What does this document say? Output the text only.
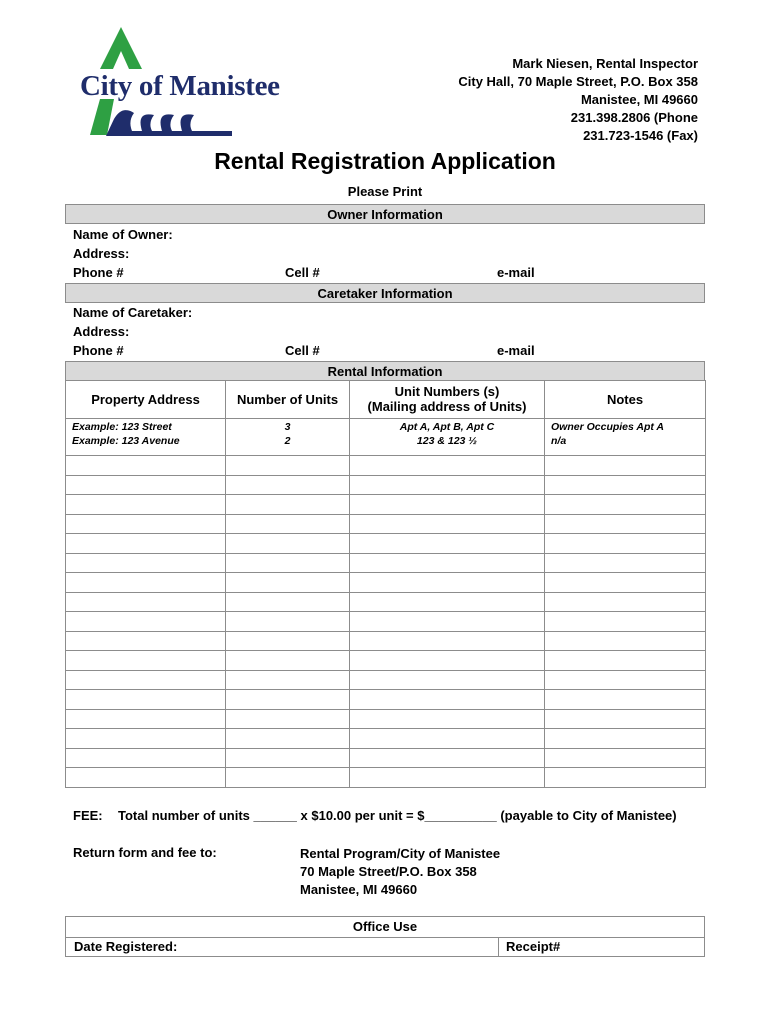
City of Manistee
Mark Niesen, Rental Inspector
City Hall, 70 Maple Street, P.O. Box 358
Manistee, MI 49660
231.398.2806 (Phone
231.723-1546 (Fax)
Rental Registration Application
Please Print
Owner Information
Name of Owner:
Address:
Phone #	Cell #	e-mail
Caretaker Information
Name of Caretaker:
Address:
Phone #	Cell #	e-mail
Rental Information
Property Address	Number of Units	Unit Numbers (s)
(Mailing address of Units)	Notes
Example: 123 Street	3	Apt A, Apt B, Apt C	Owner Occupies Apt A
Example: 123 Avenue	2	123 & 123 ½	n/a

FEE: Total number of units ______ x $10.00 per unit = $__________ (payable to City of Manistee)
Return form and fee to:	Rental Program/City of Manistee
70 Maple Street/P.O. Box 358
Manistee, MI 49660
Office Use
Date Registered:	Receipt#
